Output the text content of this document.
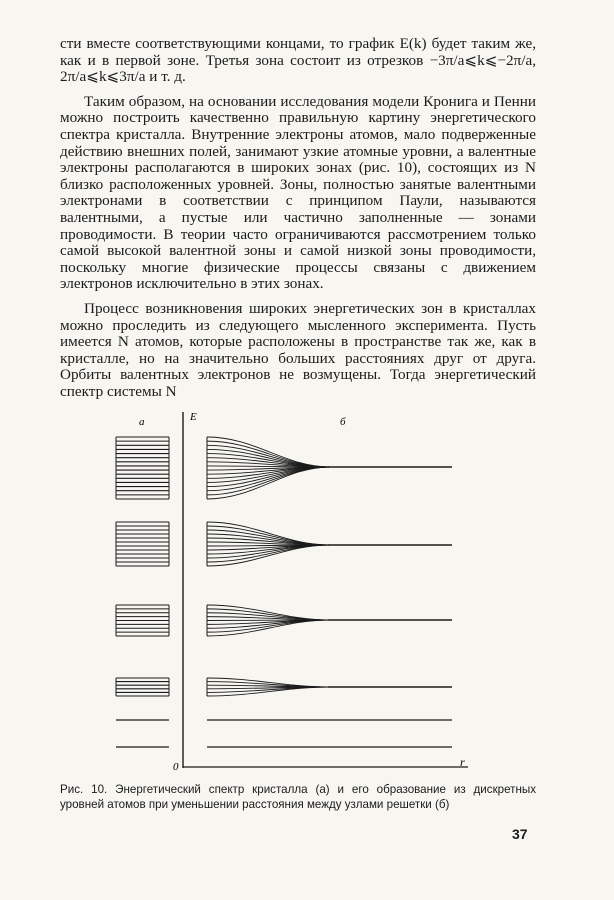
сти вместе соответствующими концами, то график E(k) будет таким же, как и в первой зоне. Третья зона состоит из отрезков −3π/a⩽k⩽−2π/a, 2π/a⩽k⩽3π/a и т. д.

Таким образом, на основании исследования модели Кронига и Пенни можно построить качественно правильную картину энергетического спектра кристалла. Внутренние электроны атомов, мало подверженные действию внешних полей, занимают узкие атомные уровни, а валентные электроны располагаются в широких зонах (рис. 10), состоящих из N близко расположенных уровней. Зоны, полностью занятые валентными электронами в соответствии с принципом Паули, называются валентными, а пустые или частично заполненные — зонами проводимости. В теории часто ограничиваются рассмотрением только самой высокой валентной зоны и самой низкой зоны проводимости, поскольку многие физические процессы связаны с движением электронов исключительно в этих зонах.

Процесс возникновения широких энергетических зон в кристаллах можно проследить из следующего мысленного эксперимента. Пусть имеется N атомов, которые расположены в пространстве так же, как в кристалле, но на значительно больших расстояниях друг от друга. Орбиты валентных электронов не возмущены. Тогда энергетический спектр системы N

а	E	б
0	r
Рис. 10. Энергетический спектр кристалла (а) и его образование из дискретных уровней атомов при уменьшении расстояния между узлами решетки (б)
37
